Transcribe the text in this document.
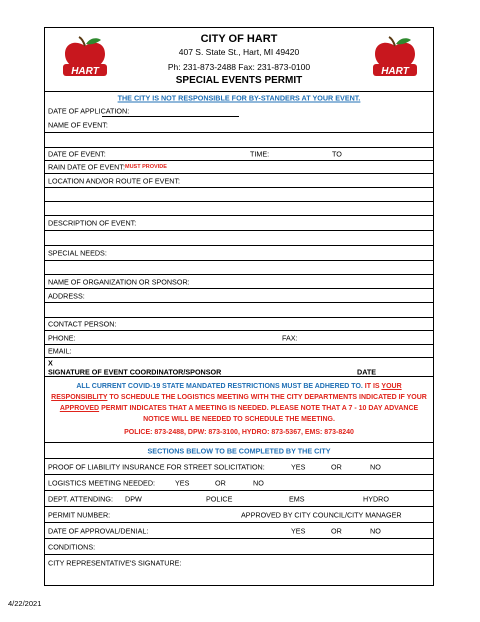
HART	HART
CITY OF HART
407 S. State St., Hart, MI 49420
Ph: 231-873-2488 Fax: 231-873-0100
SPECIAL EVENTS PERMIT
THE CITY IS NOT RESPONSIBLE FOR BY-STANDERS AT YOUR EVENT.
DATE OF APPLICATION:
NAME OF EVENT:
DATE OF EVENT:	TIME:	TO
RAIN DATE OF EVENT: MUST PROVIDE
LOCATION AND/OR ROUTE OF EVENT:
DESCRIPTION OF EVENT:
SPECIAL NEEDS:
NAME OF ORGANIZATION OR SPONSOR:
ADDRESS:
CONTACT PERSON:
PHONE:	FAX:
EMAIL:
X
SIGNATURE OF EVENT COORDINATOR/SPONSOR	DATE
ALL CURRENT COVID-19 STATE MANDATED RESTRICTIONS MUST BE ADHERED TO. IT IS YOUR
RESPONSIBLITY TO SCHEDULE THE LOGISTICS MEETING WITH THE CITY DEPARTMENTS INDICATED IF YOUR
APPROVED PERMIT INDICATES THAT A MEETING IS NEEDED. PLEASE NOTE THAT A 7 - 10 DAY ADVANCE
NOTICE WILL BE NEEDED TO SCHEDULE THE MEETING.
POLICE: 873-2488, DPW: 873-3100, HYDRO: 873-5367, EMS: 873-8240
SECTIONS BELOW TO BE COMPLETED BY THE CITY
PROOF OF LIABILITY INSURANCE FOR STREET SOLICITATION:	YES	OR	NO
LOGISTICS MEETING NEEDED:	YES	OR	NO
DEPT. ATTENDING: DPW	POLICE	EMS	HYDRO
PERMIT NUMBER:	APPROVED BY CITY COUNCIL/CITY MANAGER
DATE OF APPROVAL/DENIAL:	YES	OR	NO
CONDITIONS:
CITY REPRESENTATIVE'S SIGNATURE:
4/22/2021
